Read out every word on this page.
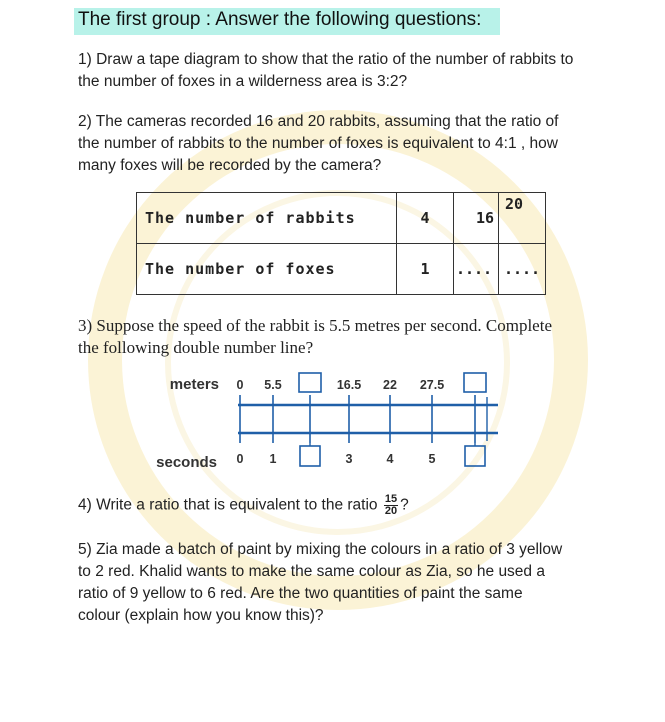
The first group : Answer the following questions:
1) Draw a tape diagram to show that the ratio of the number of rabbits to
the number of foxes in a wilderness area is 3:2?
2) The cameras recorded 16 and 20 rabbits, assuming that the ratio of
the number of rabbits to the number of foxes is equivalent to 4:1 , how
many foxes will be recorded by the camera?
The number of rabbits	4	16	20

The number of foxes	1	....	....
3) Suppose the speed of the rabbit is 5.5 metres per second. Complete
the following double number line?
meters
seconds
0
0
5.5
1
16.5
3
22
4
27.5
5
4) Write a ratio that is equivalent to the ratio $\frac{15}{20}$ ?
5) Zia made a batch of paint by mixing the colours in a ratio of 3 yellow
to 2 red. Khalid wants to make the same colour as Zia, so he used a
ratio of 9 yellow to 6 red. Are the two quantities of paint the same
colour (explain how you know this)?
